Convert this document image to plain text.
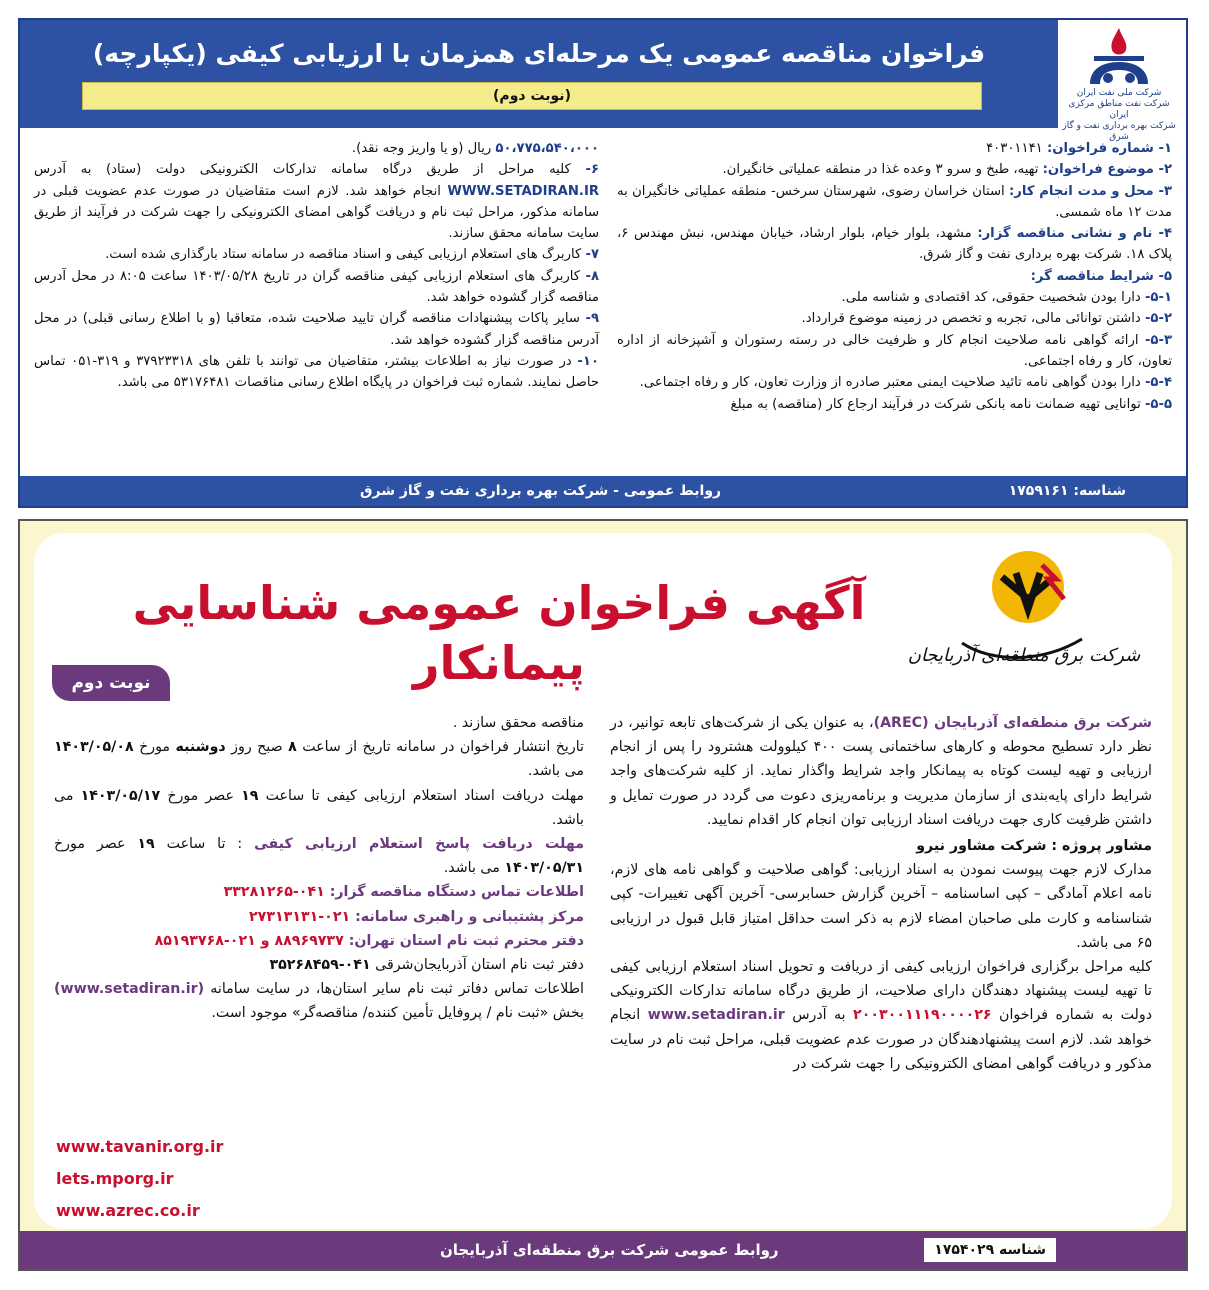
فراخوان مناقصه عمومی یک مرحله‌ای همزمان با ارزیابی کیفی (یکپارچه)
(نوبت دوم)	شرکت ملی نفت ایران
شرکت نفت مناطق مرکزی ایران
شرکت بهره برداری نفت و گاز شرق

۱- شماره فراخوان: ۴۰۳۰۱۱۴۱

۲- موضوع فراخوان: تهیه، طبخ و سرو ۳ وعده غذا در منطقه عملیاتی خانگیران.

۳- محل و مدت انجام کار: استان خراسان رضوی، شهرستان سرخس- منطقه عملیاتی خانگیران به مدت ۱۲ ماه شمسی.

۴- نام و نشانی مناقصه گزار: مشهد، بلوار خیام، بلوار ارشاد، خیابان مهندس، نبش مهندس ۶، پلاک ۱۸. شرکت بهره برداری نفت و گاز شرق.

۵- شرایط مناقصه گر:

۵-۱- دارا بودن شخصیت حقوقی، کد اقتصادی و شناسه ملی.

۵-۲- داشتن توانائی مالی، تجربه و تخصص در زمینه موضوع قرارداد.

۵-۳- ارائه گواهی نامه صلاحیت انجام کار و ظرفیت خالی در رسته رستوران و آشپزخانه از اداره تعاون، کار و رفاه اجتماعی.

۵-۴- دارا بودن گواهی نامه تائید صلاحیت ایمنی معتبر صادره از وزارت تعاون، کار و رفاه اجتماعی.

۵-۵- توانایی تهیه ضمانت نامه بانکی شرکت در فرآیند ارجاع کار (مناقصه) به مبلغ

۵۰،۷۷۵،۵۴۰،۰۰۰ ریال (و یا واریز وجه نقد).

۶- کلیه مراحل از طریق درگاه سامانه تدارکات الکترونیکی دولت (ستاد) به آدرس WWW.SETADIRAN.IR انجام خواهد شد. لازم است متقاضیان در صورت عدم عضویت قبلی در سامانه مذکور، مراحل ثبت نام و دریافت گواهی امضای الکترونیکی را جهت شرکت در فرآیند از طریق سایت سامانه محقق سازند.

۷- کاربرگ های استعلام ارزیابی کیفی و اسناد مناقصه در سامانه ستاد بارگذاری شده است.

۸- کاربرگ های استعلام ارزیابی کیفی مناقصه گران در تاریخ ۱۴۰۳/۰۵/۲۸ ساعت ۸:۰۵ در محل آدرس مناقصه گزار گشوده خواهد شد.

۹- سایر پاکات پیشنهادات مناقصه گران تایید صلاحیت شده، متعاقبا (و با اطلاع رسانی قبلی) در محل آدرس مناقصه گزار گشوده خواهد شد.

۱۰- در صورت نیاز به اطلاعات بیشتر، متقاضیان می توانند با تلفن های ۳۷۹۲۳۳۱۸ و ۳۱۹-۰۵۱ تماس حاصل نمایند. شماره ثبت فراخوان در پایگاه اطلاع رسانی مناقصات ۵۳۱۷۶۴۸۱ می باشد.

شناسه: ۱۷۵۹۱۶۱
روابط عمومی - شرکت بهره برداری نفت و گاز شرق
شرکت برق منطقه‌ای آذربایجان
آگهی فراخوان عمومی شناسایی پیمانکار
نوبت دوم

شرکت برق منطقه‌ای آذربایجان (AREC)، به عنوان یکی از شرکت‌های تابعه توانیر، در نظر دارد تسطیح محوطه و کارهای ساختمانی پست ۴۰۰ کیلوولت هشترود را پس از انجام ارزیابی و تهیه لیست کوتاه به پیمانکار واجد شرایط واگذار نماید. از کلیه شرکت‌های واجد شرایط دارای پایه‌بندی از سازمان مدیریت و برنامه‌ریزی دعوت می گردد در صورت تمایل و داشتن ظرفیت کاری جهت دریافت اسناد ارزیابی توان انجام کار اقدام نمایید.

مشاور پروژه : شرکت مشاور نیرو

مدارک لازم جهت پیوست نمودن به اسناد ارزیابی: گواهی صلاحیت و گواهی نامه های لازم، نامه اعلام آمادگی – کپی اساسنامه – آخرین گزارش حسابرسی- آخرین آگهی تغییرات- کپی شناسنامه و کارت ملی صاحبان امضاء لازم به ذکر است حداقل امتیاز قابل قبول در ارزیابی ۶۵ می باشد.

کلیه مراحل برگزاری فراخوان ارزیابی کیفی از دریافت و تحویل اسناد استعلام ارزیابی کیفی تا تهیه لیست پیشنهاد دهندگان دارای صلاحیت، از طریق درگاه سامانه تدارکات الکترونیکی دولت به شماره فراخوان ۲۰۰۳۰۰۱۱۱۹۰۰۰۰۲۶ به آدرس www.setadiran.ir انجام خواهد شد. لازم است پیشنهادهندگان در صورت عدم عضویت قبلی، مراحل ثبت نام در سایت مذکور و دریافت گواهی امضای الکترونیکی را جهت شرکت در

مناقصه محقق سازند .

تاریخ انتشار فراخوان در سامانه تاریخ از ساعت ۸ صبح روز دوشنبه مورخ ۱۴۰۳/۰۵/۰۸ می باشد.

مهلت دریافت اسناد استعلام ارزیابی کیفی تا ساعت ۱۹ عصر مورخ ۱۴۰۳/۰۵/۱۷ می باشد.

مهلت دریافت پاسخ استعلام ارزیابی کیفی : تا ساعت ۱۹ عصر مورخ ۱۴۰۳/۰۵/۳۱ می باشد.

اطلاعات تماس دستگاه مناقصه گزار: ۰۴۱-۳۳۲۸۱۲۶۵

مرکز پشتیبانی و راهبری سامانه: ۰۲۱-۲۷۳۱۳۱۳۱

دفتر محترم ثبت نام استان تهران: ۸۸۹۶۹۷۳۷ و ۰۲۱-۸۵۱۹۳۷۶۸

دفتر ثبت نام استان آذربایجان‌شرقی ۰۴۱-۳۵۲۶۸۴۵۹

اطلاعات تماس دفاتر ثبت نام سایر استان‌ها، در سایت سامانه (www.setadiran.ir) بخش «ثبت نام / پروفایل تأمین کننده/ مناقصه‌گر» موجود است.

www.tavanir.org.ir
lets.mporg.ir
www.azrec.co.ir
شناسه ۱۷۵۴۰۲۹
روابط عمومی شرکت برق منطقه‌ای آذربایجان
